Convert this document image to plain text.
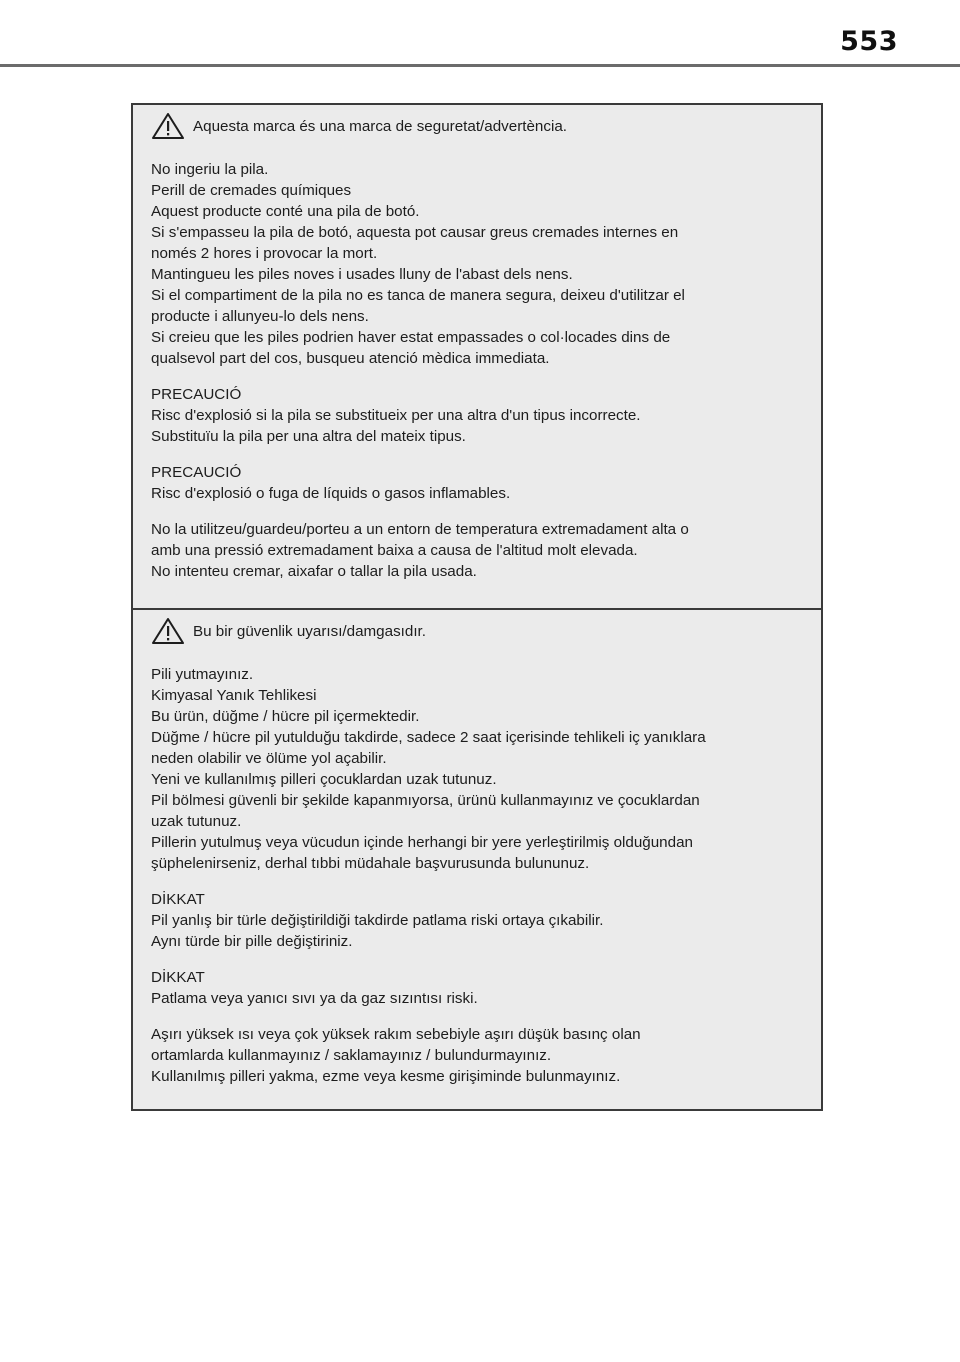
553
Aquesta marca és una marca de seguretat/advertència.

No ingeriu la pila.
Perill de cremades químiques
Aquest producte conté una pila de botó.
Si s'empasseu la pila de botó, aquesta pot causar greus cremades internes en
només 2 hores i provocar la mort.
Mantingueu les piles noves i usades lluny de l'abast dels nens.
Si el compartiment de la pila no es tanca de manera segura, deixeu d'utilitzar el
producte i allunyeu-lo dels nens.
Si creieu que les piles podrien haver estat empassades o col·locades dins de
qualsevol part del cos, busqueu atenció mèdica immediata.

PRECAUCIÓ
Risc d'explosió si la pila se substitueix per una altra d'un tipus incorrecte.
Substituïu la pila per una altra del mateix tipus.

PRECAUCIÓ
Risc d'explosió o fuga de líquids o gasos inflamables.

No la utilitzeu/guardeu/porteu a un entorn de temperatura extremadament alta o
amb una pressió extremadament baixa a causa de l'altitud molt elevada.
No intenteu cremar, aixafar o tallar la pila usada.

Bu bir güvenlik uyarısı/damgasıdır.

Pili yutmayınız.
Kimyasal Yanık Tehlikesi
Bu ürün, düğme / hücre pil içermektedir.
Düğme / hücre pil yutulduğu takdirde, sadece 2 saat içerisinde tehlikeli iç yanıklara
neden olabilir ve ölüme yol açabilir.
Yeni ve kullanılmış pilleri çocuklardan uzak tutunuz.
Pil bölmesi güvenli bir şekilde kapanmıyorsa, ürünü kullanmayınız ve çocuklardan
uzak tutunuz.
Pillerin yutulmuş veya vücudun içinde herhangi bir yere yerleştirilmiş olduğundan
şüphelenirseniz, derhal tıbbi müdahale başvurusunda bulununuz.

DİKKAT
Pil yanlış bir türle değiştirildiği takdirde patlama riski ortaya çıkabilir.
Aynı türde bir pille değiştiriniz.

DİKKAT
Patlama veya yanıcı sıvı ya da gaz sızıntısı riski.

Aşırı yüksek ısı veya çok yüksek rakım sebebiyle aşırı düşük basınç olan
ortamlarda kullanmayınız / saklamayınız / bulundurmayınız.
Kullanılmış pilleri yakma, ezme veya kesme girişiminde bulunmayınız.
